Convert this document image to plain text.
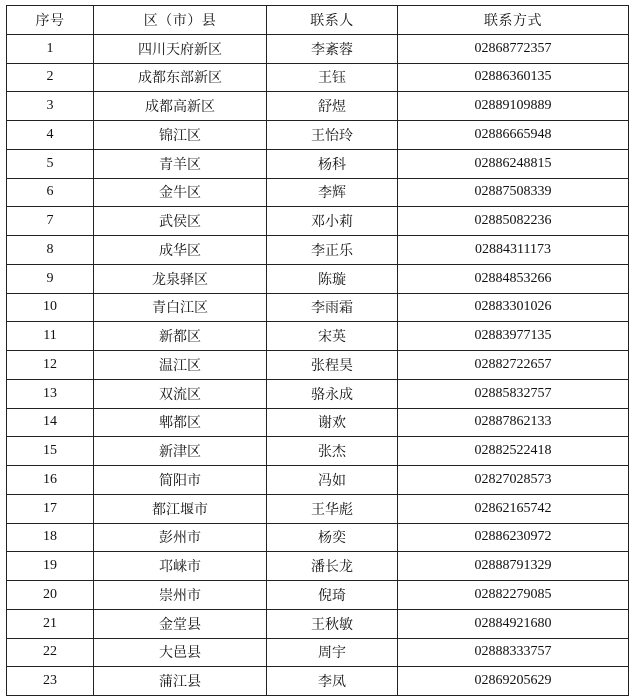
序号	区（市）县	联系人	联系方式
1	四川天府新区	李紊蓉	02868772357
2	成都东部新区	王钰	02886360135
3	成都高新区	舒煜	02889109889
4	锦江区	王怡玲	02886665948
5	青羊区	杨科	02886248815
6	金牛区	李辉	02887508339
7	武侯区	邓小莉	02885082236
8	成华区	李正乐	02884311173
9	龙泉驿区	陈璇	02884853266
10	青白江区	李雨霜	02883301026
11	新都区	宋英	02883977135
12	温江区	张程昊	02882722657
13	双流区	骆永成	02885832757
14	郫都区	谢欢	02887862133
15	新津区	张杰	02882522418
16	简阳市	冯如	02827028573
17	都江堰市	王华彪	02862165742
18	彭州市	杨奕	02886230972
19	邛崃市	潘长龙	02888791329
20	崇州市	倪琦	02882279085
21	金堂县	王秋敏	02884921680
22	大邑县	周宇	02888333757
23	蒲江县	李凤	02869205629
